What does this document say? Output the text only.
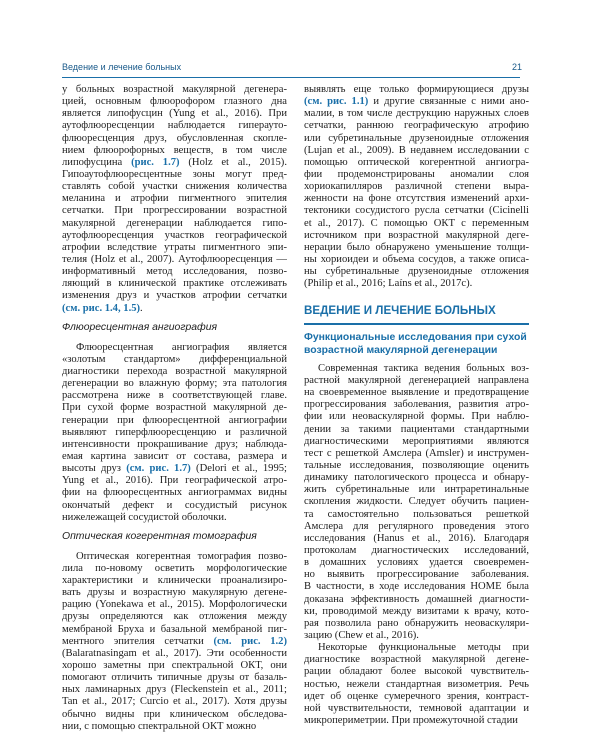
Ведение и лечение больных	21
у больных возрастной макулярной дегенера-
цией, основным флюорофором глазного дна
является липофусцин (Yung et al., 2016). При
аутофлюоресценции наблюдается гиперауто-
флюоресценция друз, обусловленная скопле-
нием флюорофорных веществ, в том числе
липофусцина (рис. 1.7) (Holz et al., 2015).
Гипоаутофлюоресцентные зоны могут пред-
ставлять собой участки снижения количества
меланина и атрофии пигментного эпителия
сетчатки. При прогрессировании возрастной
макулярной дегенерации наблюдается гипо-
аутофлюоресценция участков географической
атрофии вследствие утраты пигментного эпи-
телия (Holz et al., 2007). Аутофлюоресценция —
информативный метод исследования, позво-
ляющий в клинической практике отслеживать
изменения друз и участков атрофии сетчатки
(см. рис. 1.4, 1.5).
Флюоресцентная ангиография
Флюоресцентная ангиография является
«золотым стандартом» дифференциальной
диагностики перехода возрастной макулярной
дегенерации во влажную форму; эта патология
рассмотрена ниже в соответствующей главе.
При сухой форме возрастной макулярной де-
генерации при флюоресцентной ангиографии
выявляют гиперфлюоресценцию и различной
интенсивности прокрашивание друз; наблюда-
емая картина зависит от состава, размера и
высоты друз (см. рис. 1.7) (Delori et al., 1995;
Yung et al., 2016). При географической атро-
фии на флюоресцентных ангиограммах видны
окончатый дефект и сосудистый рисунок
нижележащей сосудистой оболочки.
Оптическая когерентная томография
Оптическая когерентная томография позво-
лила по-новому осветить морфологические
характеристики и клинически проанализиро-
вать друзы и возрастную макулярную дегене-
рацию (Yonekawa et al., 2015). Морфологически
друзы определяются как отложения между
мембраной Бруха и базальной мембраной пиг-
ментного эпителия сетчатки (см. рис. 1.2)
(Balaratnasingam et al., 2017). Эти особенности
хорошо заметны при спектральной ОКТ, они
помогают отличить типичные друзы от базаль-
ных ламинарных друз (Fleckenstein et al., 2011;
Tan et al., 2017; Curcio et al., 2017). Хотя друзы
обычно видны при клиническом обследова-
нии, с помощью спектральной ОКТ можно
выявлять еще только формирующиеся друзы
(см. рис. 1.1) и другие связанные с ними ано-
малии, в том числе деструкцию наружных слоев
сетчатки, раннюю географическую атрофию
или субретинальные друзеноидные отложения
(Lujan et al., 2009). В недавнем исследовании с
помощью оптической когерентной ангиогра-
фии продемонстрированы аномалии слоя
хориокапилляров различной степени выра-
женности на фоне отсутствия изменений архи-
тектоники сосудистого русла сетчатки (Cicinelli
et al., 2017). С помощью ОКТ с переменным
источником при возрастной макулярной деге-
нерации было обнаружено уменьшение толщи-
ны хориоидеи и объема сосудов, а также описа-
ны субретинальные друзеноидные отложения
(Philip et al., 2016; Laíns et al., 2017c).
ВЕДЕНИЕ И ЛЕЧЕНИЕ БОЛЬНЫХ
Функциональные исследования при сухой
возрастной макулярной дегенерации
Современная тактика ведения больных воз-
растной макулярной дегенерацией направлена
на своевременное выявление и предотвращение
прогрессирования заболевания, развития атро-
фии или неоваскулярной формы. При наблю-
дении за такими пациентами стандартными
диагностическими мероприятиями являются
тест с решеткой Амслера (Amsler) и инструмен-
тальные исследования, позволяющие оценить
динамику патологического процесса и обнару-
жить субретинальные или интраретинальные
скопления жидкости. Следует обучить пациен-
та самостоятельно пользоваться решеткой
Амслера для регулярного проведения этого
исследования (Hanus et al., 2016). Благодаря
протоколам диагностических исследований,
в домашних условиях удается своевремен-
но выявить прогрессирование заболевания.
В частности, в ходе исследования HOME была
доказана эффективность домашней диагности-
ки, проводимой между визитами к врачу, кото-
рая позволила рано обнаружить неоваскуляри-
зацию (Chew et al., 2016).
Некоторые функциональные методы при
диагностике возрастной макулярной дегене-
рации обладают более высокой чувствитель-
ностью, нежели стандартная визометрия. Речь
идет об оценке сумеречного зрения, контраст-
ной чувствительности, темновой адаптации и
микропериметрии. При промежуточной стадии
